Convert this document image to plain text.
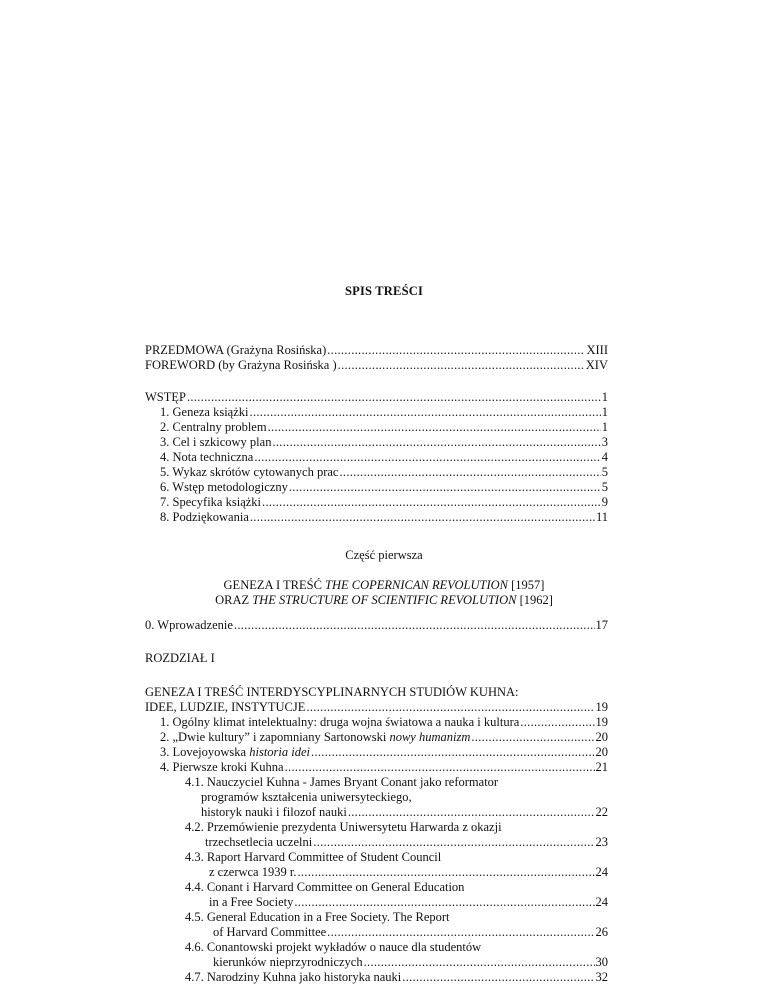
SPIS TREŚCI
PRZEDMOWA (Grażyna Rosińska) .....	XIII
FOREWORD (by Grażyna Rosińska ) .....	XIV
WSTĘP .....	1
1. Geneza książki .....	1
2. Centralny problem .....	1
3. Cel i szkicowy plan .....	3
4. Nota techniczna .....	4
5. Wykaz skrótów cytowanych prac .....	5
6. Wstęp metodologiczny .....	5
7. Specyfika książki .....	9
8. Podziękowania .....	11
Część pierwsza
GENEZA I TREŚĆ THE COPERNICAN REVOLUTION [1957]
ORAZ THE STRUCTURE OF SCIENTIFIC REVOLUTION [1962]
0. Wprowadzenie .....	17
ROZDZIAŁ I
GENEZA I TREŚĆ INTERDYSCYPLINARNYCH STUDIÓW KUHNA:
IDEE, LUDZIE, INSTYTUCJE .....	19
1. Ogólny klimat intelektualny: druga wojna światowa a nauka i kultura .....	19
2. „Dwie kultury” i zapomniany Sartonowski nowy humanizm .....	20
3. Lovejoyowska historia idei .....	20
4. Pierwsze kroki Kuhna .....	21
4.1. Nauczyciel Kuhna - James Bryant Conant jako reformator
programów kształcenia uniwersyteckiego,
historyk nauki i filozof nauki .....	22
4.2. Przemówienie prezydenta Uniwersytetu Harwarda z okazji
trzechsetlecia uczelni .....	23
4.3. Raport Harvard Committee of Student Council
z czerwca 1939 r. .....	24
4.4. Conant i Harvard Committee on General Education
in a Free Society .....	24
4.5. General Education in a Free Society. The Report
of Harvard Committee .....	26
4.6. Conantowski projekt wykładów o nauce dla studentów
kierunków nieprzyrodniczych .....	30
4.7. Narodziny Kuhna jako historyka nauki .....	32
